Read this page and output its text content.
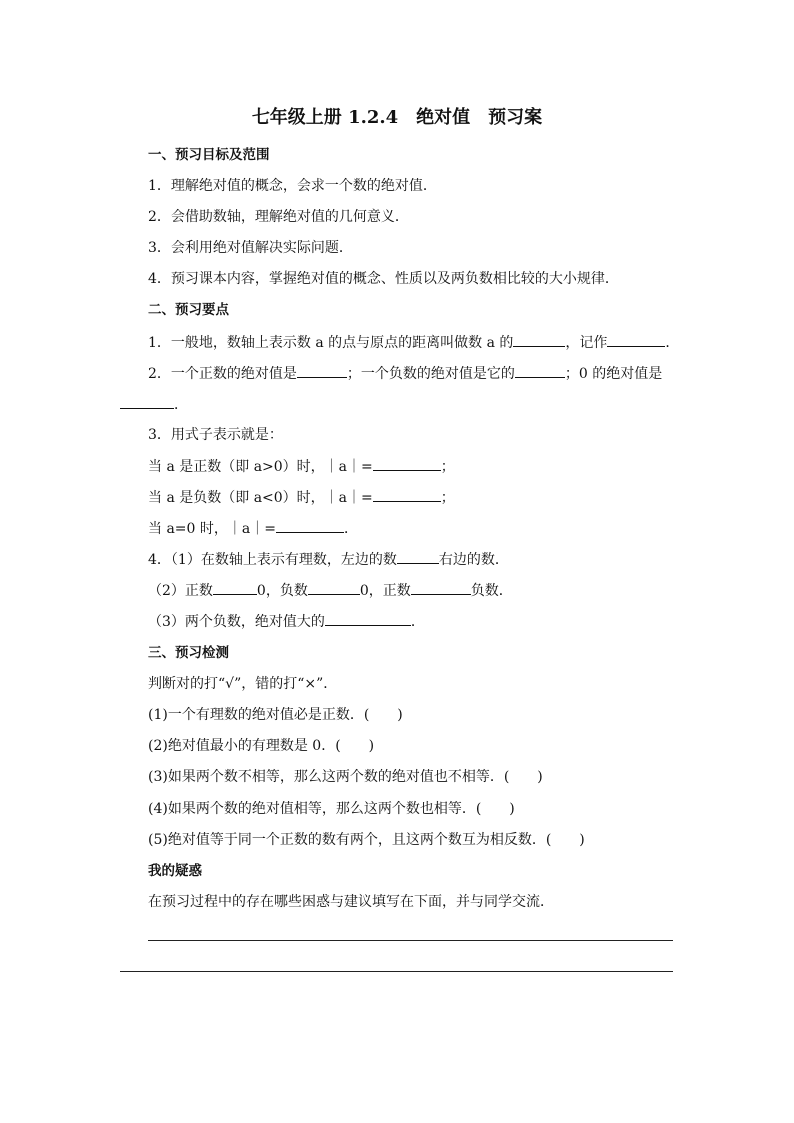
七年级上册 1.2.4　绝对值　预习案
一、预习目标及范围
1．理解绝对值的概念，会求一个数的绝对值．
2．会借助数轴，理解绝对值的几何意义．
3．会利用绝对值解决实际问题．
4．预习课本内容，掌握绝对值的概念、性质以及两负数相比较的大小规律．
二、预习要点
1．一般地，数轴上表示数 a 的点与原点的距离叫做数 a 的	，记作	．
2．一个正数的绝对值是	；一个负数的绝对值是它的	；0 的绝对值是
．
3．用式子表示就是：
当 a 是正数（即 a>0）时，｜a｜=	；
当 a 是负数（即 a<0）时，｜a｜=	；
当 a=0 时，｜a｜=	．
4．（1）在数轴上表示有理数，左边的数	右边的数．
（2）正数	0，负数	0，正数	负数．
（3）两个负数，绝对值大的	．
三、预习检测
判断对的打“√”，错的打“×”．
(1)一个有理数的绝对值必是正数．(　　)
(2)绝对值最小的有理数是 0．(　　)
(3)如果两个数不相等，那么这两个数的绝对值也不相等．(　　)
(4)如果两个数的绝对值相等，那么这两个数也相等．(　　)
(5)绝对值等于同一个正数的数有两个，且这两个数互为相反数．(　　)
我的疑惑
在预习过程中的存在哪些困惑与建议填写在下面，并与同学交流．
